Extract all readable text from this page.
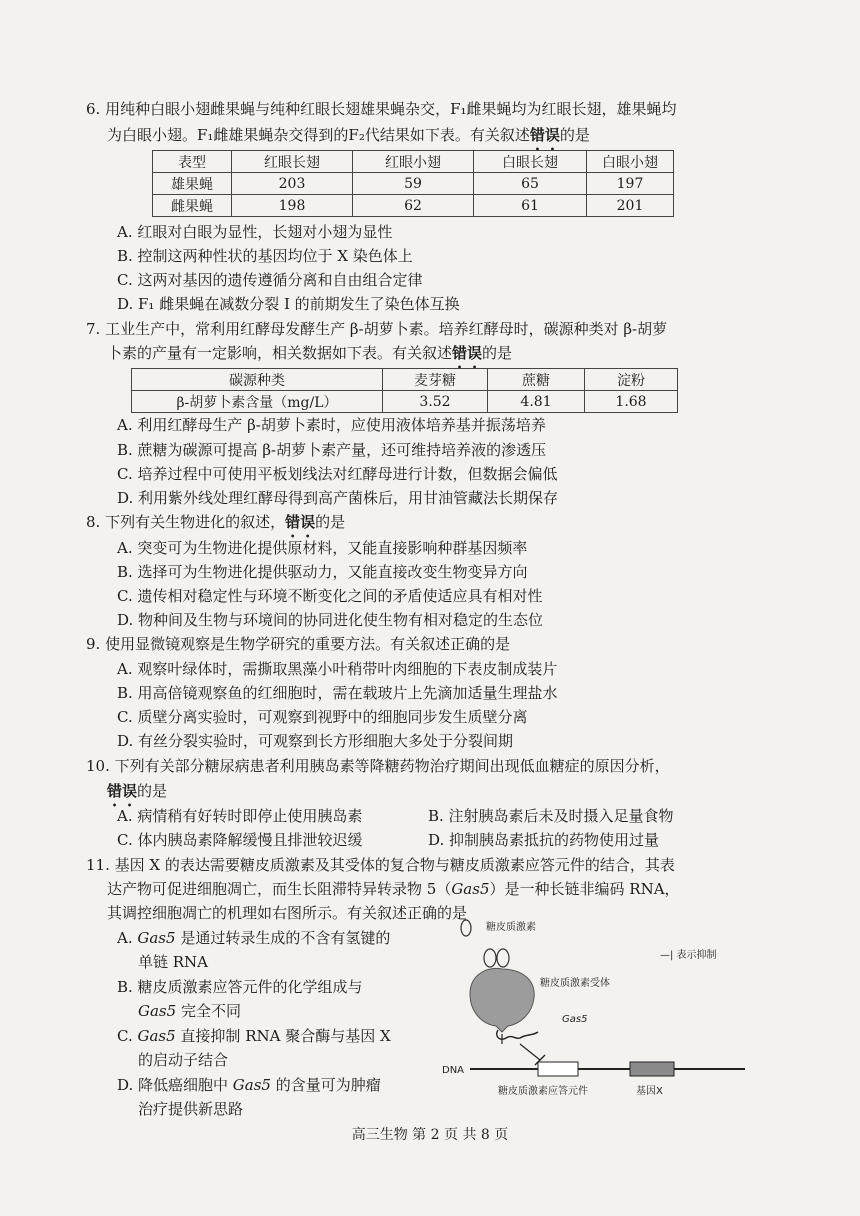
6. 用纯种白眼小翅雌果蝇与纯种红眼长翅雄果蝇杂交，F₁雌果蝇均为红眼长翅，雄果蝇均
为白眼小翅。F₁雌雄果蝇杂交得到的F₂代结果如下表。有关叙述错误的是
表型	红眼长翅	红眼小翅	白眼长翅	白眼小翅
雄果蝇	203	59	65	197
雌果蝇	198	62	61	201
A. 红眼对白眼为显性，长翅对小翅为显性
B. 控制这两种性状的基因均位于 X 染色体上
C. 这两对基因的遗传遵循分离和自由组合定律
D. F₁ 雌果蝇在减数分裂 I 的前期发生了染色体互换
7. 工业生产中，常利用红酵母发酵生产 β-胡萝卜素。培养红酵母时，碳源种类对 β-胡萝
卜素的产量有一定影响，相关数据如下表。有关叙述错误的是
碳源种类	麦芽糖	蔗糖	淀粉
β-胡萝卜素含量（mg/L）	3.52	4.81	1.68
A. 利用红酵母生产 β-胡萝卜素时，应使用液体培养基并振荡培养
B. 蔗糖为碳源可提高 β-胡萝卜素产量，还可维持培养液的渗透压
C. 培养过程中可使用平板划线法对红酵母进行计数，但数据会偏低
D. 利用紫外线处理红酵母得到高产菌株后，用甘油管藏法长期保存
8. 下列有关生物进化的叙述，错误的是
A. 突变可为生物进化提供原材料，又能直接影响种群基因频率
B. 选择可为生物进化提供驱动力，又能直接改变生物变异方向
C. 遗传相对稳定性与环境不断变化之间的矛盾使适应具有相对性
D. 物种间及生物与环境间的协同进化使生物有相对稳定的生态位
9. 使用显微镜观察是生物学研究的重要方法。有关叙述正确的是
A. 观察叶绿体时，需撕取黑藻小叶稍带叶肉细胞的下表皮制成装片
B. 用高倍镜观察鱼的红细胞时，需在载玻片上先滴加适量生理盐水
C. 质壁分离实验时，可观察到视野中的细胞同步发生质壁分离
D. 有丝分裂实验时，可观察到长方形细胞大多处于分裂间期
10. 下列有关部分糖尿病患者利用胰岛素等降糖药物治疗期间出现低血糖症的原因分析，
错误的是
A. 病情稍有好转时即停止使用胰岛素	B. 注射胰岛素后未及时摄入足量食物
C. 体内胰岛素降解缓慢且排泄较迟缓	D. 抑制胰岛素抵抗的药物使用过量
11. 基因 X 的表达需要糖皮质激素及其受体的复合物与糖皮质激素应答元件的结合，其表
达产物可促进细胞凋亡，而生长阻滞特异转录物 5（Gas5）是一种长链非编码 RNA，
其调控细胞凋亡的机理如右图所示。有关叙述正确的是
A. Gas5 是通过转录生成的不含有氢键的
单链 RNA
B. 糖皮质激素应答元件的化学组成与
Gas5 完全不同
C. Gas5 直接抑制 RNA 聚合酶与基因 X
的启动子结合
D. 降低癌细胞中 Gas5 的含量可为肿瘤
治疗提供新思路
糖皮质激素
—| 表示抑制
糖皮质激素受体
Gas5
DNA
糖皮质激素应答元件	基因X
高三生物 第 2 页 共 8 页
